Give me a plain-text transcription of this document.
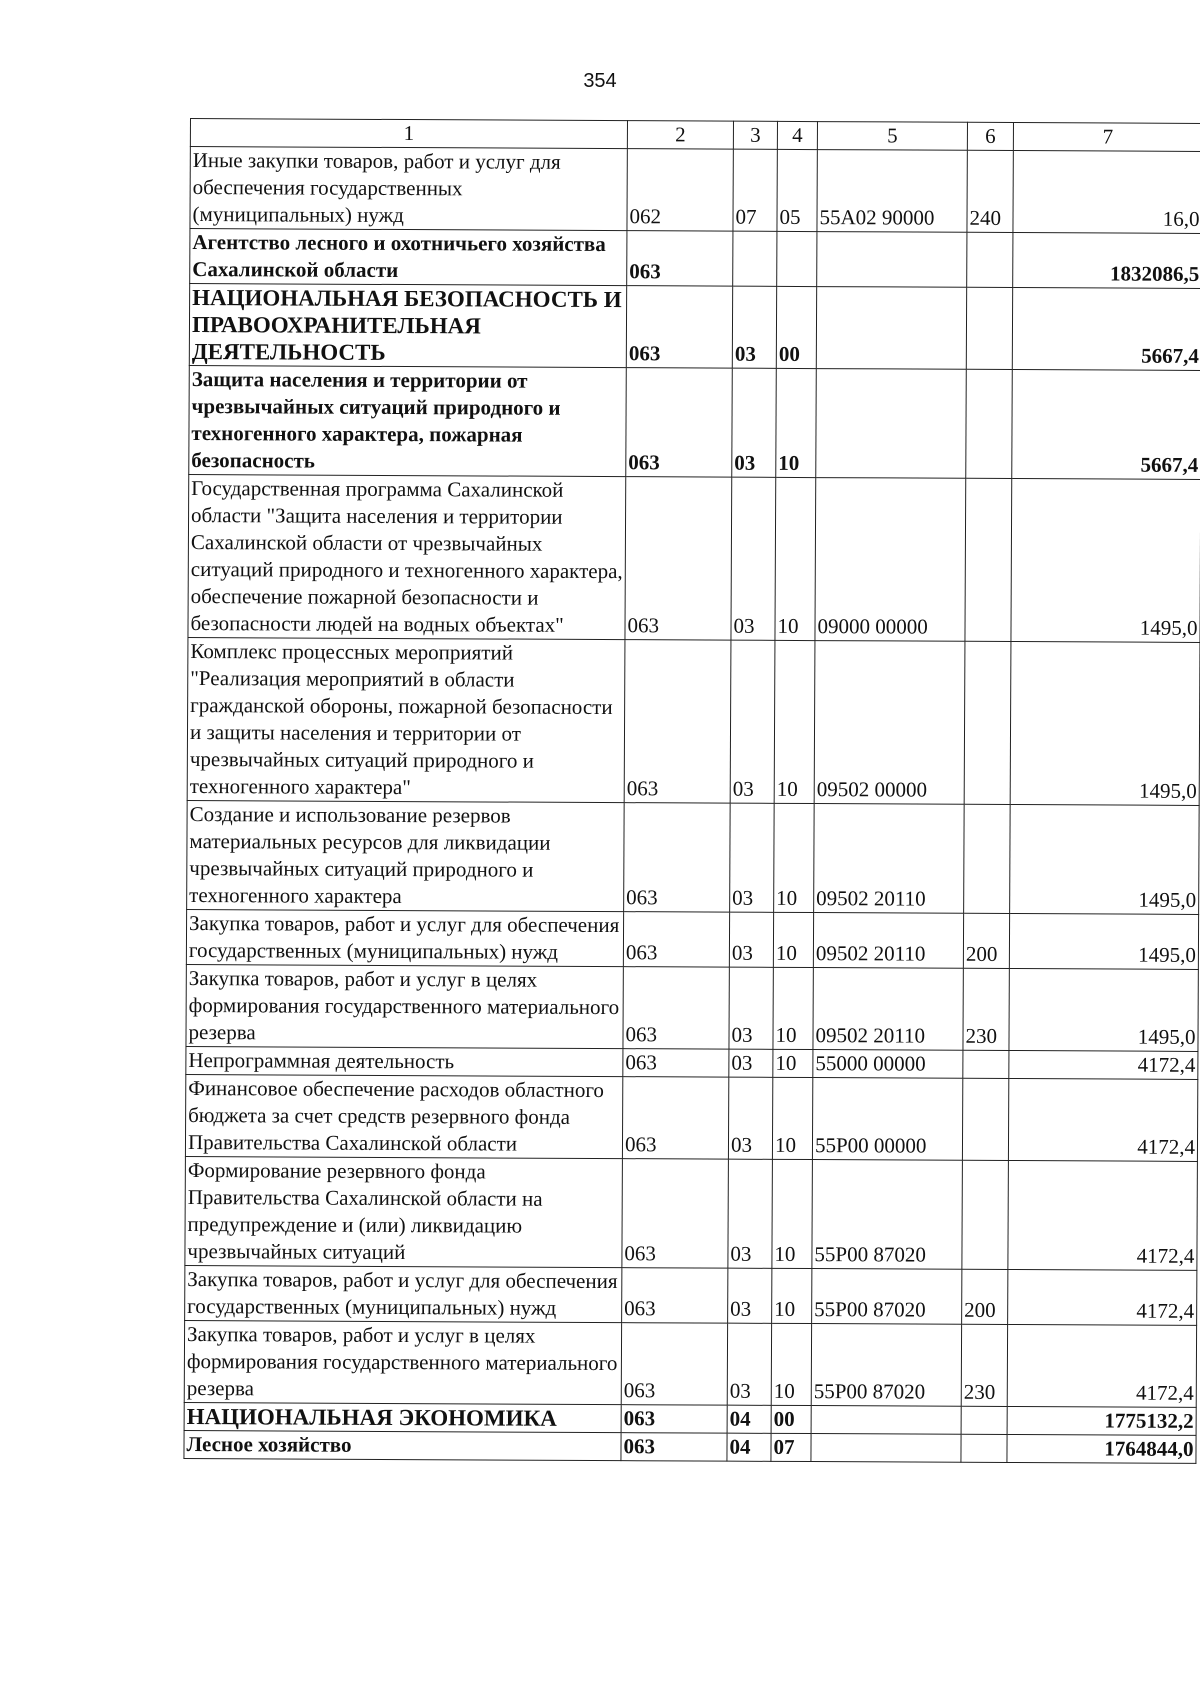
354
1	2	3	4	5	6	7
Иные закупки товаров, работ и услуг для обеспечения государственных (муниципальных) нужд	062	07	05	55А02 90000	240	16,0
Агентство лесного и охотничьего хозяйства Сахалинской области	063					1832086,5
НАЦИОНАЛЬНАЯ БЕЗОПАСНОСТЬ И ПРАВООХРАНИТЕЛЬНАЯ ДЕЯТЕЛЬНОСТЬ	063	03	00			5667,4
Защита населения и территории от чрезвычайных ситуаций природного и техногенного характера, пожарная безопасность	063	03	10			5667,4
Государственная программа Сахалинской области "Защита населения и территории Сахалинской области от чрезвычайных ситуаций природного и техногенного характера, обеспечение пожарной безопасности и безопасности людей на водных объектах"	063	03	10	09000 00000		1495,0
Комплекс процессных мероприятий "Реализация мероприятий в области гражданской обороны, пожарной безопасности и защиты населения и территории от чрезвычайных ситуаций природного и техногенного характера"	063	03	10	09502 00000		1495,0
Создание и использование резервов материальных ресурсов для ликвидации чрезвычайных ситуаций природного и техногенного характера	063	03	10	09502 20110		1495,0
Закупка товаров, работ и услуг для обеспечения государственных (муниципальных) нужд	063	03	10	09502 20110	200	1495,0
Закупка товаров, работ и услуг в целях формирования государственного материального резерва	063	03	10	09502 20110	230	1495,0
Непрограммная деятельность	063	03	10	55000 00000		4172,4
Финансовое обеспечение расходов областного бюджета за счет средств резервного фонда Правительства Сахалинской области	063	03	10	55Р00 00000		4172,4
Формирование резервного фонда Правительства Сахалинской области на предупреждение и (или) ликвидацию чрезвычайных ситуаций	063	03	10	55Р00 87020		4172,4
Закупка товаров, работ и услуг для обеспечения государственных (муниципальных) нужд	063	03	10	55Р00 87020	200	4172,4
Закупка товаров, работ и услуг в целях формирования государственного материального резерва	063	03	10	55Р00 87020	230	4172,4
НАЦИОНАЛЬНАЯ ЭКОНОМИКА	063	04	00			1775132,2
Лесное хозяйство	063	04	07			1764844,0
